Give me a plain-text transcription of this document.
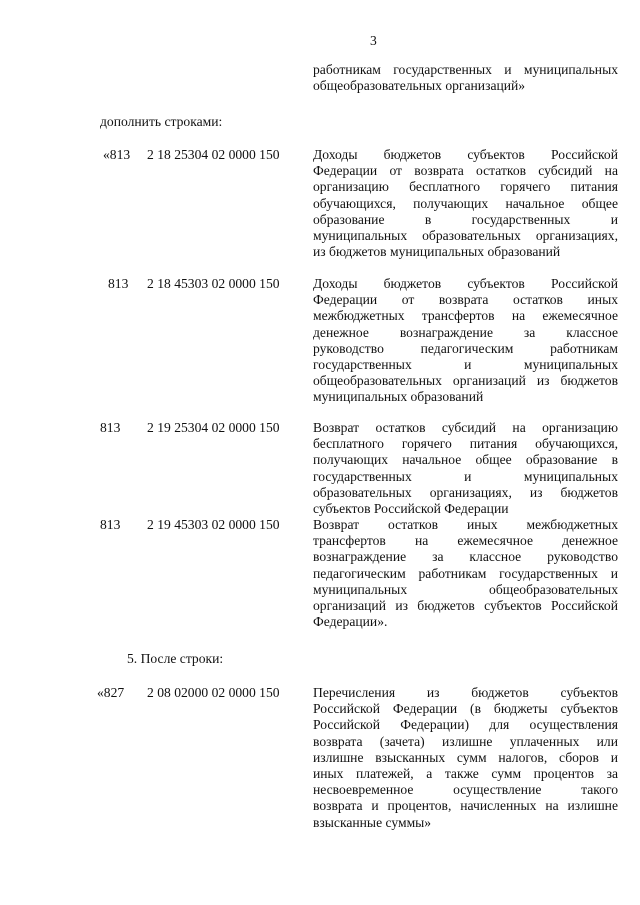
3
работникам государственных и муниципальных
общеобразовательных организаций»
дополнить строками:
«813 2 18 25304 02 0000 150 Доходы бюджетов субъектов Российской
Федерации от возврата остатков субсидий на
организацию бесплатного горячего питания
обучающихся, получающих начальное общее
образование в государственных и
муниципальных образовательных организациях,
из бюджетов муниципальных образований
813 2 18 45303 02 0000 150 Доходы бюджетов субъектов Российской
Федерации от возврата остатков иных
межбюджетных трансфертов на ежемесячное
денежное вознаграждение за классное
руководство педагогическим работникам
государственных и муниципальных
общеобразовательных организаций из бюджетов
муниципальных образований
813 2 19 25304 02 0000 150 Возврат остатков субсидий на организацию
бесплатного горячего питания обучающихся,
получающих начальное общее образование в
государственных и муниципальных
образовательных организациях, из бюджетов
субъектов Российской Федерации
813 2 19 45303 02 0000 150 Возврат остатков иных межбюджетных
трансфертов на ежемесячное денежное
вознаграждение за классное руководство
педагогическим работникам государственных и
муниципальных общеобразовательных
организаций из бюджетов субъектов Российской
Федерации».
5. После строки:
«827 2 08 02000 02 0000 150 Перечисления из бюджетов субъектов
Российской Федерации (в бюджеты субъектов
Российской Федерации) для осуществления
возврата (зачета) излишне уплаченных или
излишне взысканных сумм налогов, сборов и
иных платежей, а также сумм процентов за
несвоевременное осуществление такого
возврата и процентов, начисленных на излишне
взысканные суммы»
